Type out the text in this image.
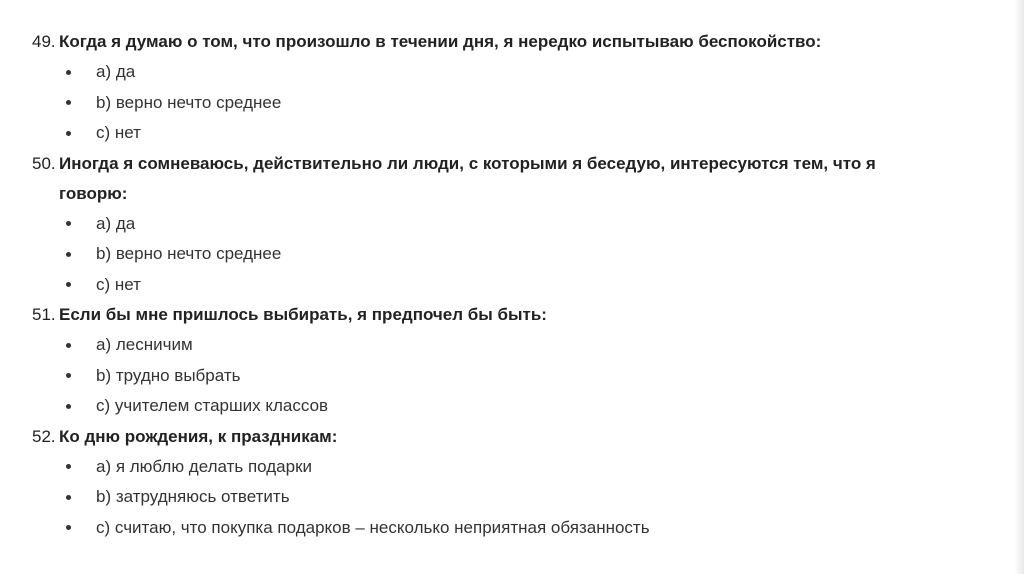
49. Когда я думаю о том, что произошло в течении дня, я нередко испытываю беспокойство:
a) да
b) верно нечто среднее
c) нет
50. Иногда я сомневаюсь, действительно ли люди, с которыми я беседую, интересуются тем, что я говорю:
a) да
b) верно нечто среднее
c) нет
51. Если бы мне пришлось выбирать, я предпочел бы быть:
a) лесничим
b) трудно выбрать
c) учителем старших классов
52. Ко дню рождения, к праздникам:
a) я люблю делать подарки
b) затрудняюсь ответить
c) считаю, что покупка подарков – несколько неприятная обязанность
